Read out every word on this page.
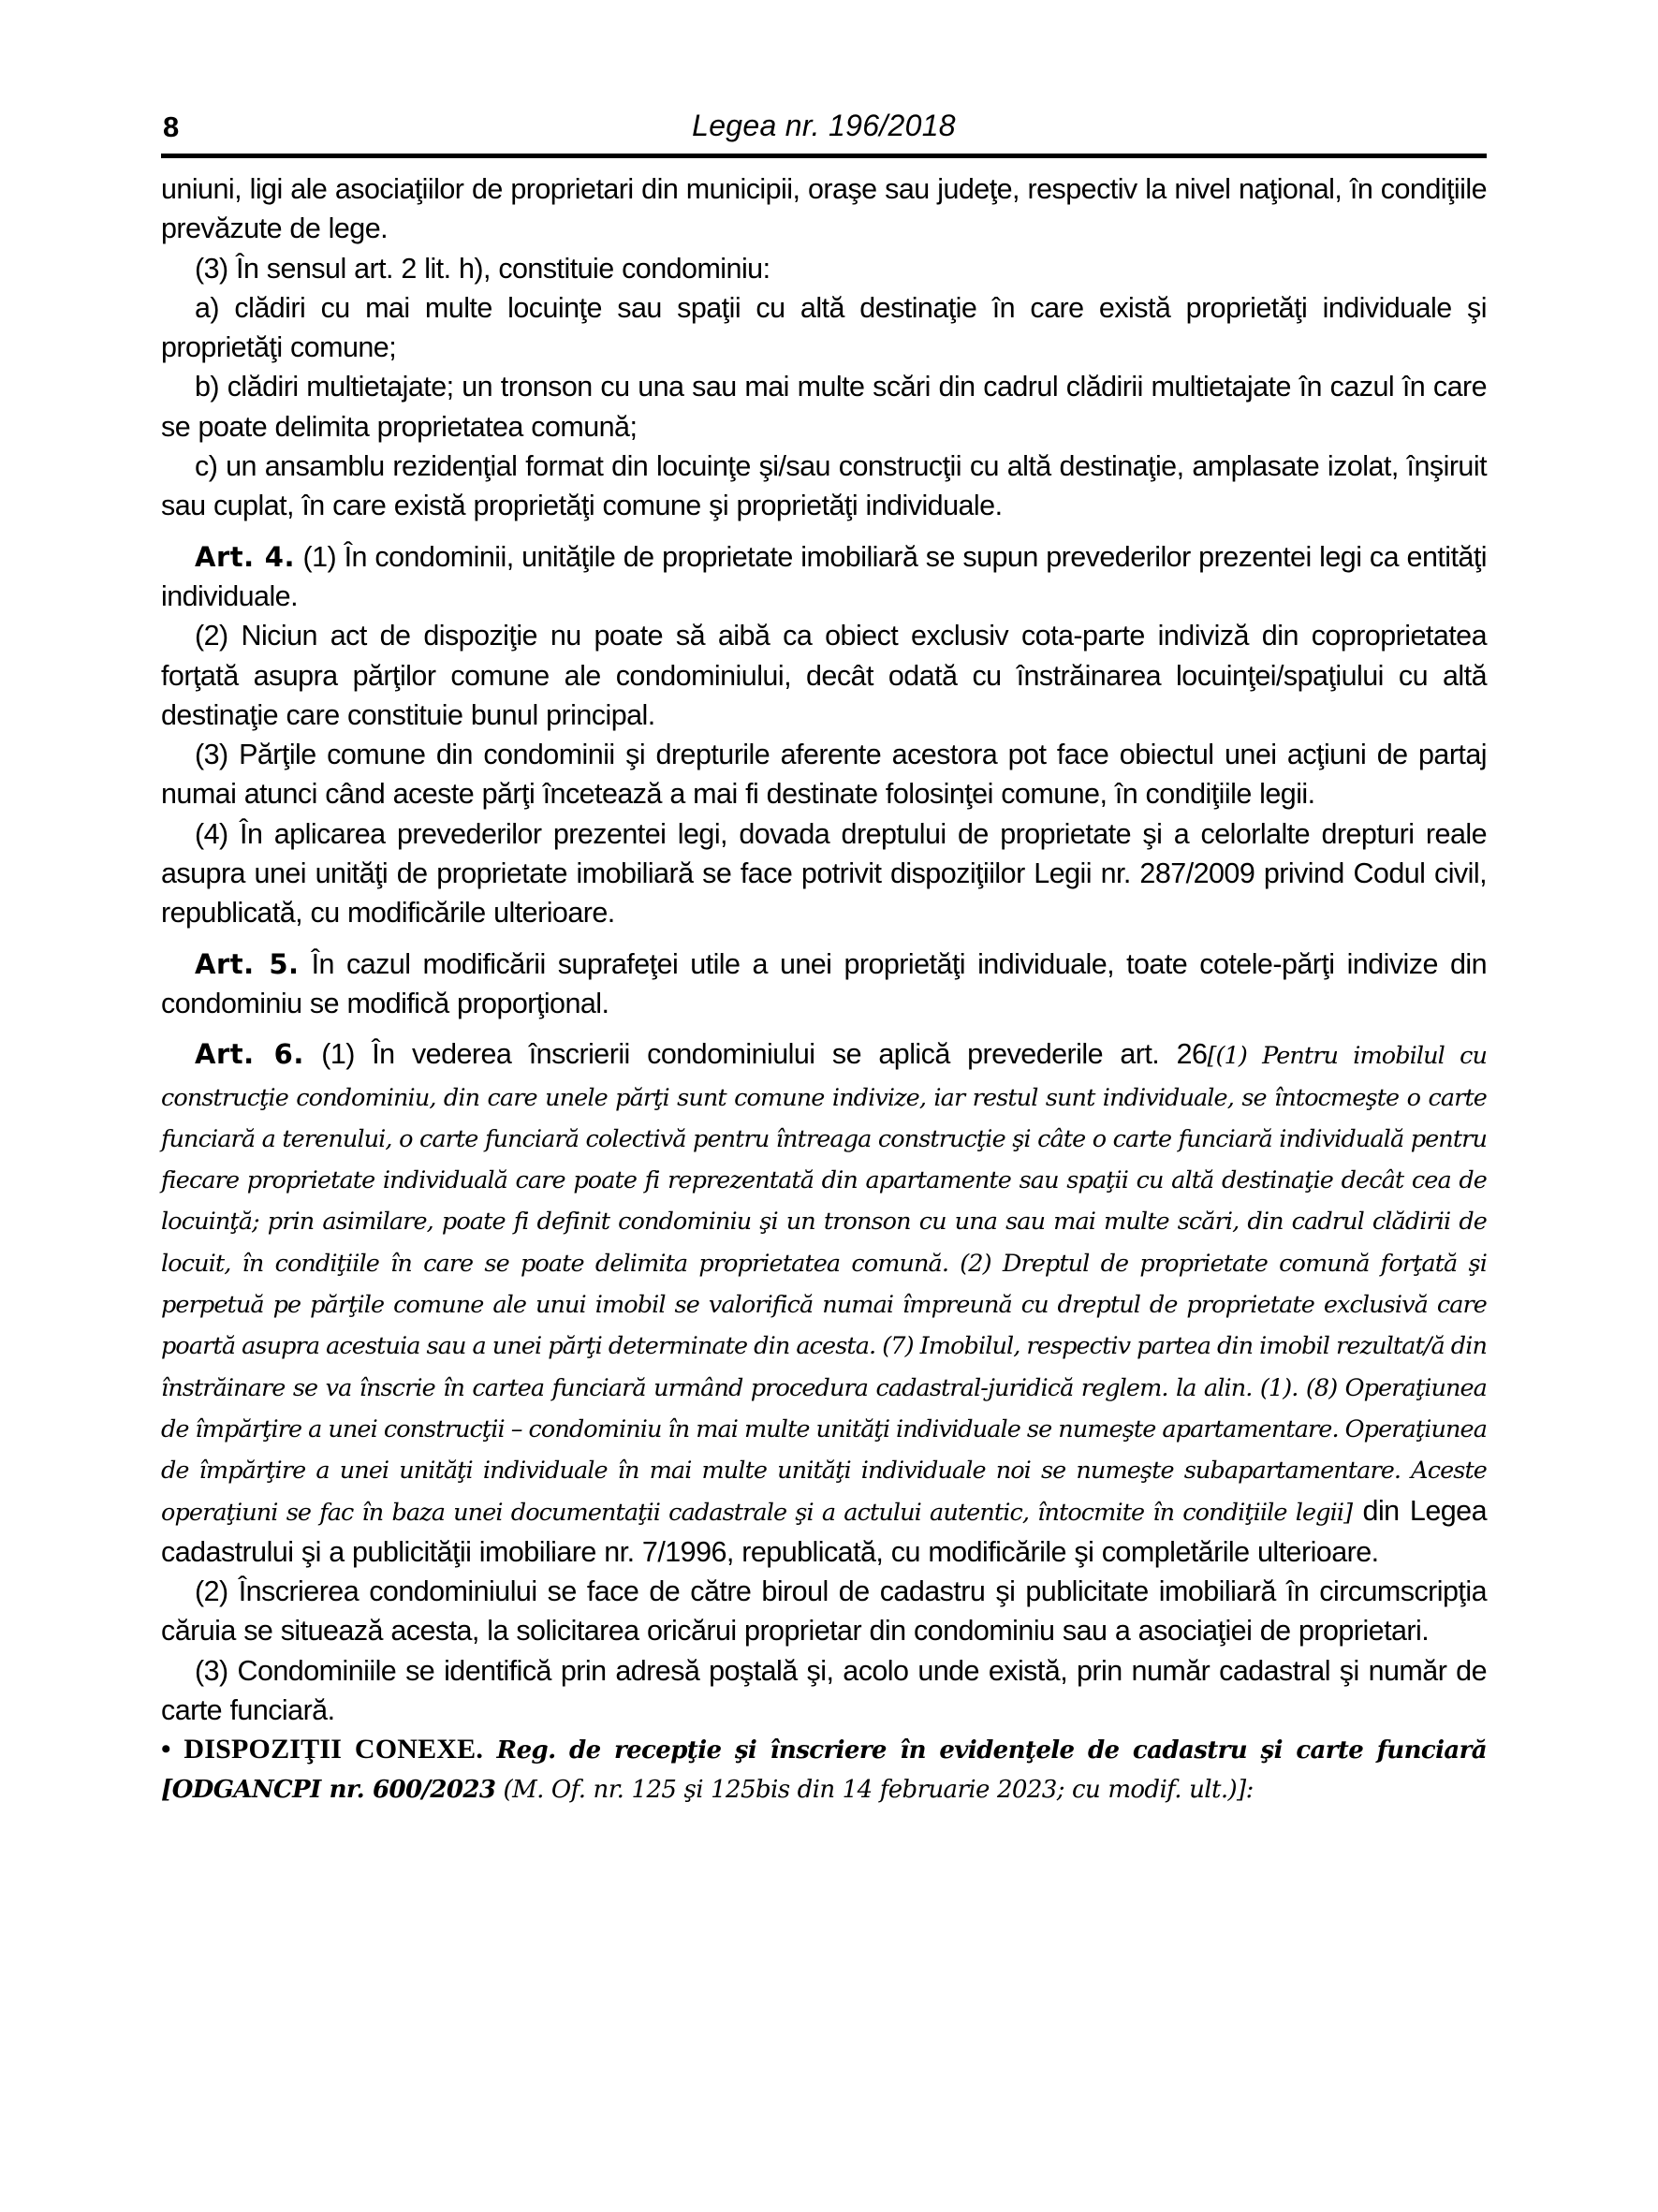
8	Legea nr. 196/2018

uniuni, ligi ale asociaţiilor de proprietari din municipii, oraşe sau judeţe, respectiv la nivel naţional, în condiţiile prevăzute de lege.

(3) În sensul art. 2 lit. h), constituie condominiu:

a) clădiri cu mai multe locuinţe sau spaţii cu altă destinaţie în care există proprietăţi individuale şi proprietăţi comune;

b) clădiri multietajate; un tronson cu una sau mai multe scări din cadrul clădirii multietajate în cazul în care se poate delimita proprietatea comună;

c) un ansamblu rezidenţial format din locuinţe şi/sau construcţii cu altă destinaţie, amplasate izolat, înşiruit sau cuplat, în care există proprietăţi comune şi proprietăţi individuale.

Art. 4. (1) În condominii, unităţile de proprietate imobiliară se supun prevederilor prezentei legi ca entităţi individuale.

(2) Niciun act de dispoziţie nu poate să aibă ca obiect exclusiv cota-parte indiviză din coproprietatea forţată asupra părţilor comune ale condominiului, decât odată cu înstrăinarea locuinţei/spaţiului cu altă destinaţie care constituie bunul principal.

(3) Părţile comune din condominii şi drepturile aferente acestora pot face obiectul unei acţiuni de partaj numai atunci când aceste părţi încetează a mai fi destinate folosinţei comune, în condiţiile legii.

(4) În aplicarea prevederilor prezentei legi, dovada dreptului de proprietate şi a celorlalte drepturi reale asupra unei unităţi de proprietate imobiliară se face potrivit dispoziţiilor Legii nr. 287/2009 privind Codul civil, republicată, cu modificările ulterioare.

Art. 5. În cazul modificării suprafeţei utile a unei proprietăţi individuale, toate cotele-părţi indivize din condominiu se modifică proporţional.

Art. 6. (1) În vederea înscrierii condominiului se aplică prevederile art. 26[(1) Pentru imobilul cu construcţie condominiu, din care unele părţi sunt comune indivize, iar restul sunt individuale, se întocmeşte o carte funciară a terenului, o carte funciară colectivă pentru întreaga construcţie şi câte o carte funciară individuală pentru fiecare proprietate individuală care poate fi reprezentată din apartamente sau spaţii cu altă destinaţie decât cea de locuinţă; prin asimilare, poate fi definit condominiu şi un tronson cu una sau mai multe scări, din cadrul clădirii de locuit, în condiţiile în care se poate delimita proprietatea comună. (2) Dreptul de proprietate comună forţată şi perpetuă pe părţile comune ale unui imobil se valorifică numai împreună cu dreptul de proprietate exclusivă care poartă asupra acestuia sau a unei părţi determinate din acesta. (7) Imobilul, respectiv partea din imobil rezultat/ă din înstrăinare se va înscrie în cartea funciară urmând procedura cadastral-juridică reglem. la alin. (1). (8) Operaţiunea de împărţire a unei construcţii – condominiu în mai multe unităţi individuale se numeşte apartamentare. Operaţiunea de împărţire a unei unităţi individuale în mai multe unităţi individuale noi se numeşte subapartamentare. Aceste operaţiuni se fac în baza unei documentaţii cadastrale şi a actului autentic, întocmite în condiţiile legii] din Legea cadastrului şi a publicităţii imobiliare nr. 7/1996, republicată, cu modificările şi completările ulterioare.

(2) Înscrierea condominiului se face de către biroul de cadastru şi publicitate imobiliară în circumscripţia căruia se situează acesta, la solicitarea oricărui proprietar din condominiu sau a asociaţiei de proprietari.

(3) Condominiile se identifică prin adresă poştală şi, acolo unde există, prin număr cadastral şi număr de carte funciară.

• DISPOZIŢII CONEXE. Reg. de recepţie şi înscriere în evidenţele de cadastru şi carte funciară [ODGANCPI nr. 600/2023 (M. Of. nr. 125 şi 125bis din 14 februarie 2023; cu modif. ult.)]:
